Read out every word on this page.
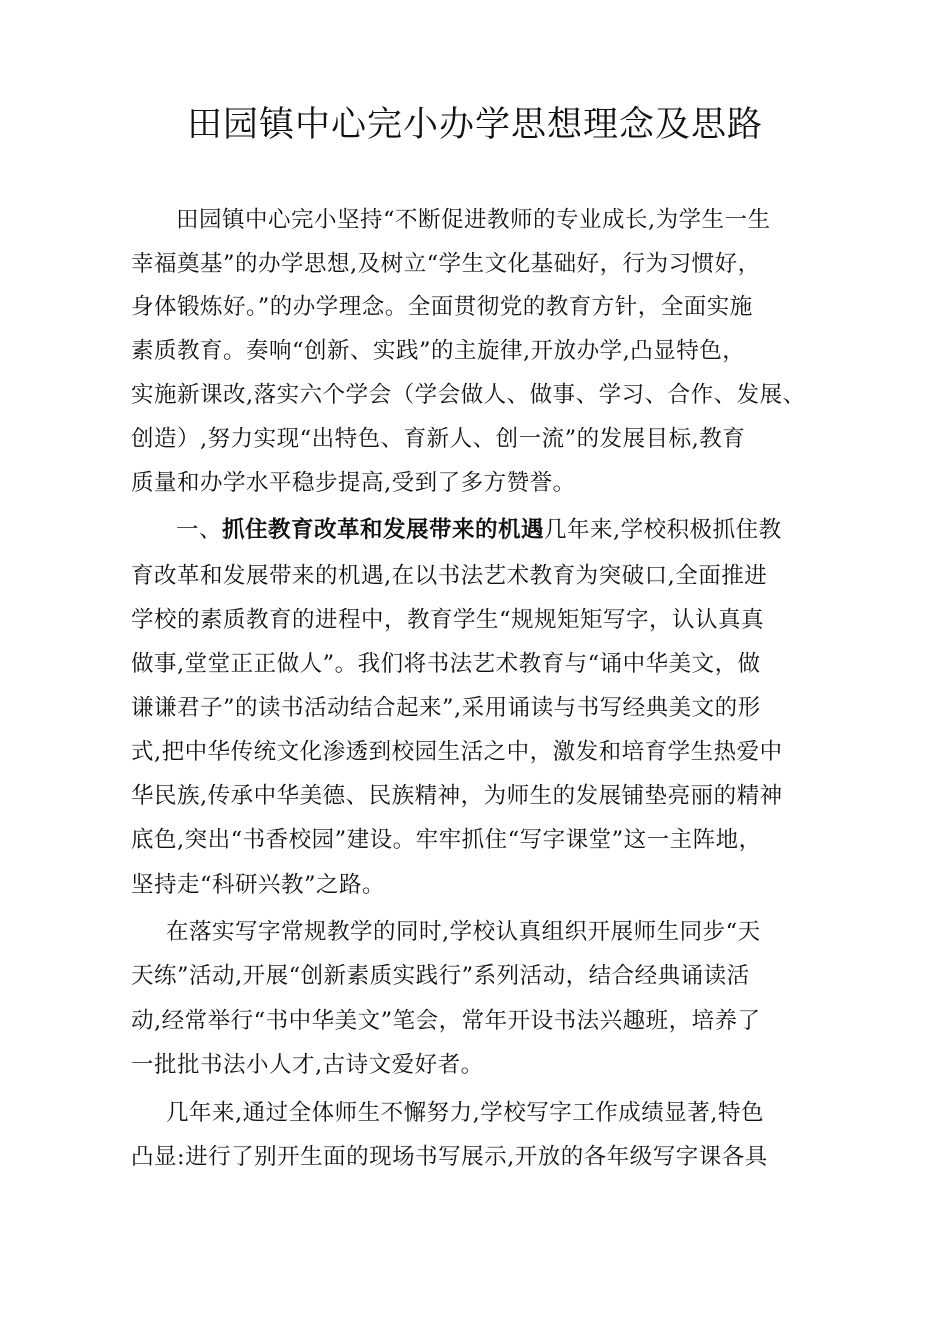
田园镇中心完小办学思想理念及思路
田园镇中心完小坚持“不断促进教师的专业成长,为学生一生
幸福奠基”的办学思想,及树立“学生文化基础好，行为习惯好，
身体锻炼好。”的办学理念。全面贯彻党的教育方针，全面实施
素质教育。奏响“创新、实践”的主旋律,开放办学,凸显特色，
实施新课改,落实六个学会（学会做人、做事、学习、合作、发展、
创造）,努力实现“出特色、育新人、创一流”的发展目标,教育
质量和办学水平稳步提高,受到了多方赞誉。
一、抓住教育改革和发展带来的机遇几年来,学校积极抓住教
育改革和发展带来的机遇,在以书法艺术教育为突破口,全面推进
学校的素质教育的进程中，教育学生“规规矩矩写字，认认真真
做事,堂堂正正做人”。我们将书法艺术教育与“诵中华美文，做
谦谦君子”的读书活动结合起来”,采用诵读与书写经典美文的形
式,把中华传统文化渗透到校园生活之中，激发和培育学生热爱中
华民族,传承中华美德、民族精神，为师生的发展铺垫亮丽的精神
底色,突出“书香校园”建设。牢牢抓住“写字课堂”这一主阵地，
坚持走“科研兴教”之路。
在落实写字常规教学的同时,学校认真组织开展师生同步“天
天练”活动,开展“创新素质实践行”系列活动，结合经典诵读活
动,经常举行“书中华美文”笔会，常年开设书法兴趣班，培养了
一批批书法小人才,古诗文爱好者。
几年来,通过全体师生不懈努力,学校写字工作成绩显著,特色
凸显:进行了别开生面的现场书写展示,开放的各年级写字课各具
